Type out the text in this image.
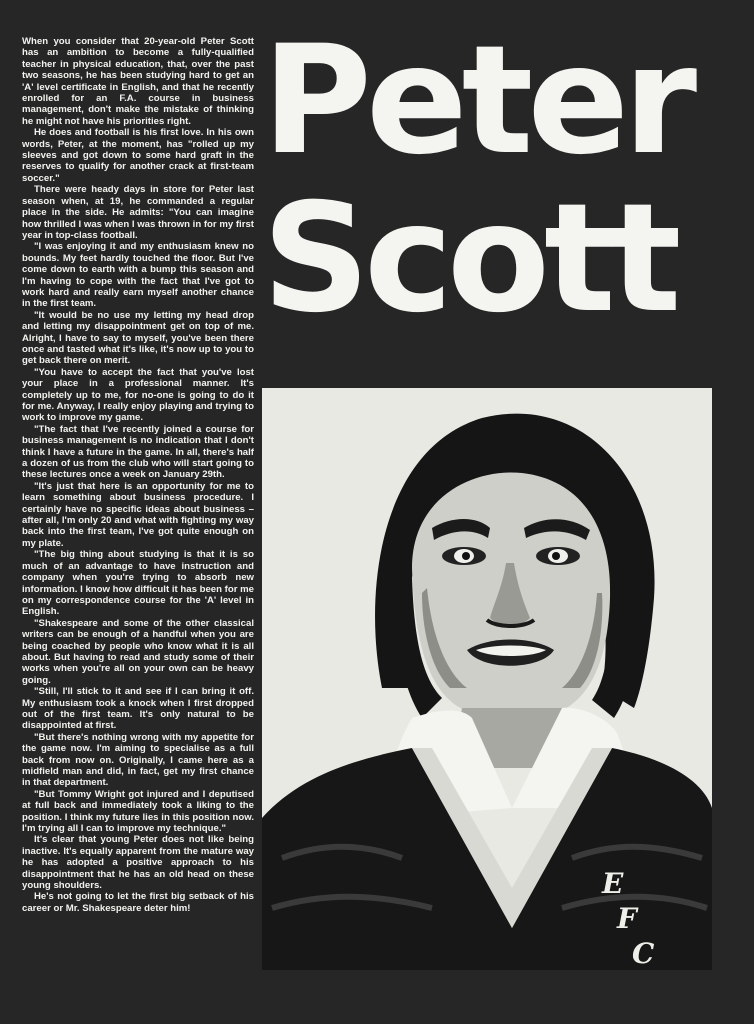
When you consider that 20-year-old Peter Scott has an ambition to become a fully-qualified teacher in physical education, that, over the past two seasons, he has been studying hard to get an 'A' level certificate in English, and that he recently enrolled for an F.A. course in business management, don't make the mistake of thinking he might not have his priorities right.

He does and football is his first love. In his own words, Peter, at the moment, has "rolled up my sleeves and got down to some hard graft in the reserves to qualify for another crack at first-team soccer."

There were heady days in store for Peter last season when, at 19, he commanded a regular place in the side. He admits: "You can imagine how thrilled I was when I was thrown in for my first year in top-class football.

"I was enjoying it and my enthusiasm knew no bounds. My feet hardly touched the floor. But I've come down to earth with a bump this season and I'm having to cope with the fact that I've got to work hard and really earn myself another chance in the first team.

"It would be no use my letting my head drop and letting my disappointment get on top of me. Alright, I have to say to myself, you've been there once and tasted what it's like, it's now up to you to get back there on merit.

"You have to accept the fact that you've lost your place in a professional manner. It's completely up to me, for no-one is going to do it for me. Anyway, I really enjoy playing and trying to work to improve my game.

"The fact that I've recently joined a course for business management is no indication that I don't think I have a future in the game. In all, there's half a dozen of us from the club who will start going to these lectures once a week on January 29th.

"It's just that here is an opportunity for me to learn something about business procedure. I certainly have no specific ideas about business – after all, I'm only 20 and what with fighting my way back into the first team, I've got quite enough on my plate.

"The big thing about studying is that it is so much of an advantage to have instruction and company when you're trying to absorb new information. I know how difficult it has been for me on my correspondence course for the 'A' level in English.

"Shakespeare and some of the other classical writers can be enough of a handful when you are being coached by people who know what it is all about. But having to read and study some of their works when you're all on your own can be heavy going.

"Still, I'll stick to it and see if I can bring it off. My enthusiasm took a knock when I first dropped out of the first team. It's only natural to be disappointed at first.

"But there's nothing wrong with my appetite for the game now. I'm aiming to specialise as a full back from now on. Originally, I came here as a midfield man and did, in fact, get my first chance in that department.

"But Tommy Wright got injured and I deputised at full back and immediately took a liking to the position. I think my future lies in this position now. I'm trying all I can to improve my technique."

It's clear that young Peter does not like being inactive. It's equally apparent from the mature way he has adopted a positive approach to his disappointment that he has an old head on these young shoulders.

He's not going to let the first big setback of his career or Mr. Shakespeare deter him!

Peter
Scott
E
F
C
